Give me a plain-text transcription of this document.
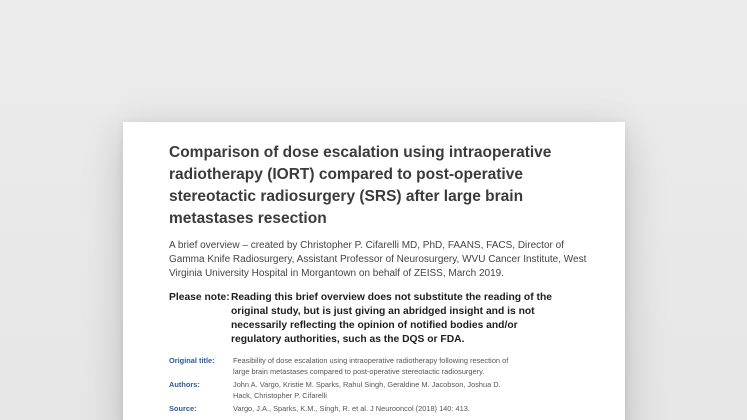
Comparison of dose escalation using intraoperative radiotherapy (IORT) compared to post-operative stereotactic radiosurgery (SRS) after large brain metastases resection

A brief overview – created by Christopher P. Cifarelli MD, PhD, FAANS, FACS, Director of Gamma Knife Radiosurgery, Assistant Professor of Neurosurgery, WVU Cancer Institute, West Virginia University Hospital in Morgantown on behalf of ZEISS, March 2019.

Please note: Reading this brief overview does not substitute the reading of the original study, but is just giving an abridged insight and is not necessarily reflecting the opinion of notified bodies and/or regulatory authorities, such as the DQS or FDA.
Original title:	Feasibility of dose escalation using intraoperative radiotherapy following resection of large brain metastases compared to post-operative stereotactic radiosurgery.
Authors:	John A. Vargo, Kristie M. Sparks, Rahul Singh, Geraldine M. Jacobson, Joshua D. Hack, Christopher P. Cifarelli
Source:	Vargo, J.A., Sparks, K.M., Singh, R. et al. J Neurooncol (2018) 140: 413.
